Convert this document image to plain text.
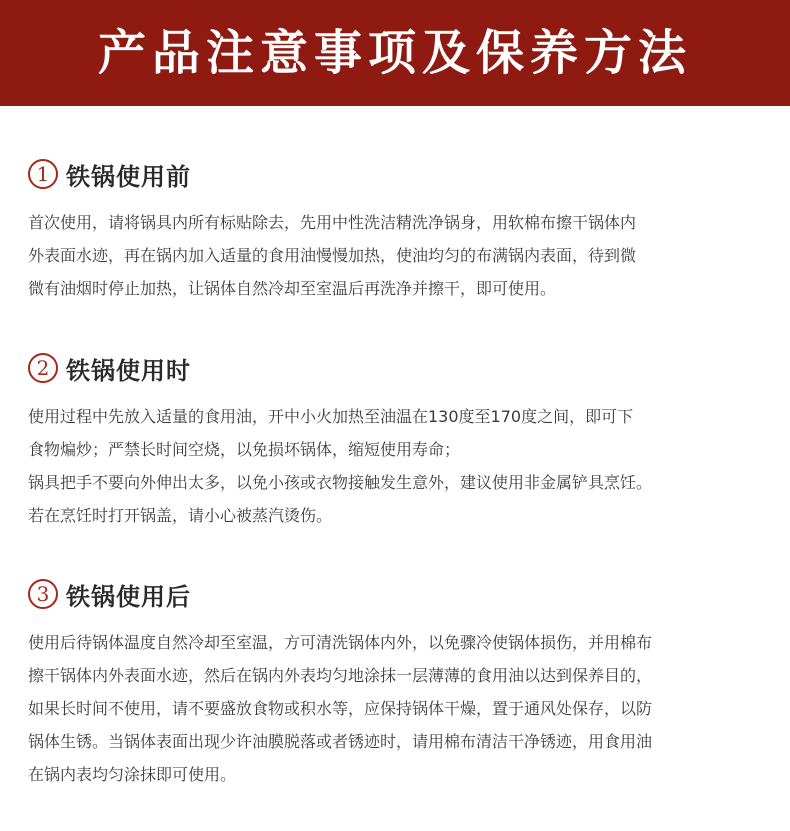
产品注意事项及保养方法
1 铁锅使用前
首次使用，请将锅具内所有标贴除去，先用中性洗洁精洗净锅身，用软棉布擦干锅体内
外表面水迹，再在锅内加入适量的食用油慢慢加热，使油均匀的布满锅内表面，待到微
微有油烟时停止加热，让锅体自然冷却至室温后再洗净并擦干，即可使用。
2 铁锅使用时
使用过程中先放入适量的食用油，开中小火加热至油温在130度至170度之间，即可下
食物煸炒；严禁长时间空烧，以免损坏锅体，缩短使用寿命；
锅具把手不要向外伸出太多，以免小孩或衣物接触发生意外，建议使用非金属铲具烹饪。
若在烹饪时打开锅盖，请小心被蒸汽烫伤。
3 铁锅使用后
使用后待锅体温度自然冷却至室温，方可清洗锅体内外，以免骤冷使锅体损伤，并用棉布
擦干锅体内外表面水迹，然后在锅内外表均匀地涂抹一层薄薄的食用油以达到保养目的，
如果长时间不使用，请不要盛放食物或积水等，应保持锅体干燥，置于通风处保存，以防
锅体生锈。当锅体表面出现少许油膜脱落或者锈迹时，请用棉布清洁干净锈迹，用食用油
在锅内表均匀涂抹即可使用。
